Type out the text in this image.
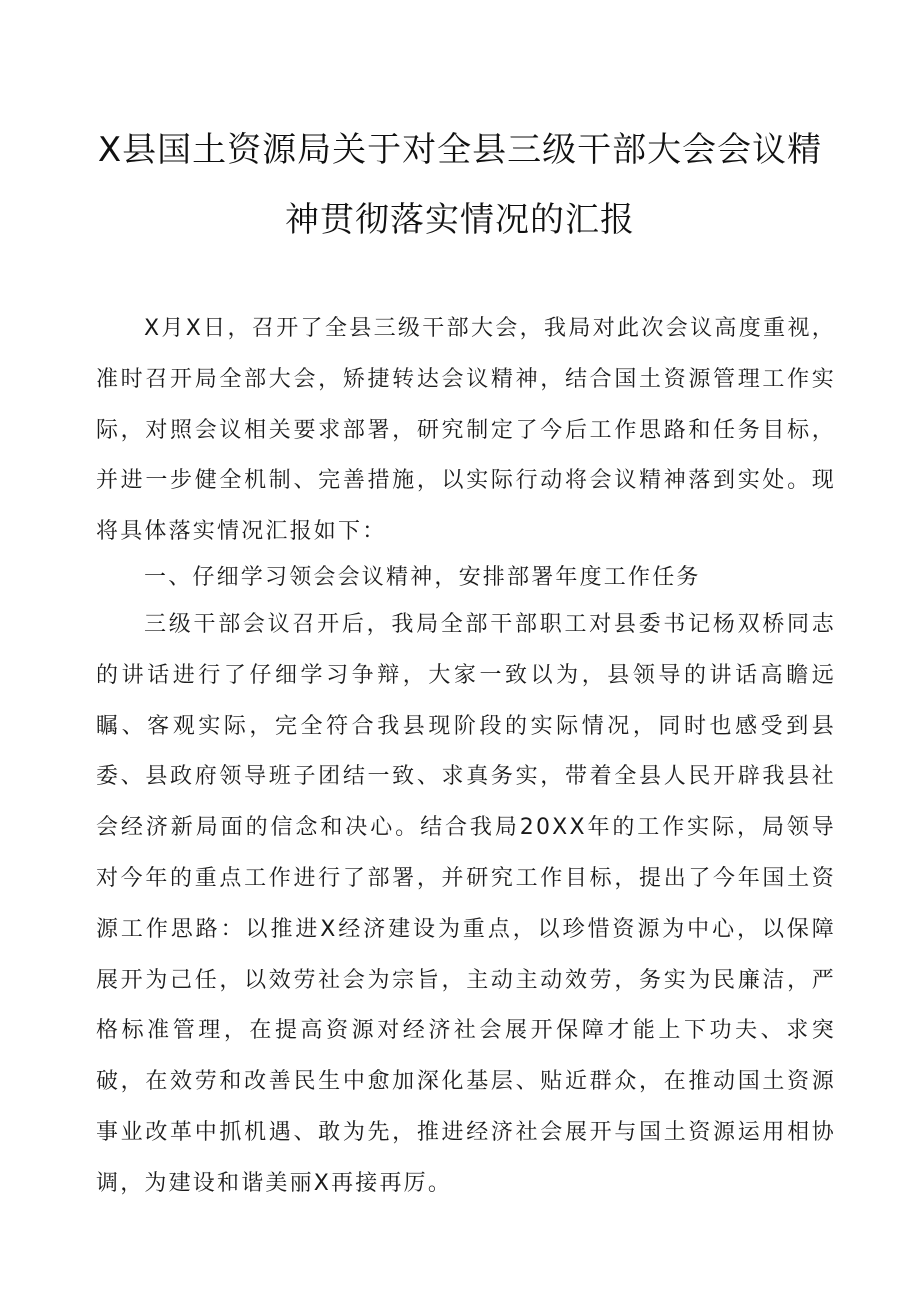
X县国土资源局关于对全县三级干部大会会议精
神贯彻落实情况的汇报

X月X日，召开了全县三级干部大会，我局对此次会议高度重视，准时召开局全部大会，矫捷转达会议精神，结合国土资源管理工作实际，对照会议相关要求部署，研究制定了今后工作思路和任务目标，并进一步健全机制、完善措施，以实际行动将会议精神落到实处。现将具体落实情况汇报如下：

一、仔细学习领会会议精神，安排部署年度工作任务

三级干部会议召开后，我局全部干部职工对县委书记杨双桥同志的讲话进行了仔细学习争辩，大家一致以为，县领导的讲话高瞻远瞩、客观实际，完全符合我县现阶段的实际情况，同时也感受到县委、县政府领导班子团结一致、求真务实，带着全县人民开辟我县社会经济新局面的信念和决心。结合我局20XX年的工作实际，局领导对今年的重点工作进行了部署，并研究工作目标，提出了今年国土资源工作思路：以推进X经济建设为重点，以珍惜资源为中心，以保障展开为己任，以效劳社会为宗旨，主动主动效劳，务实为民廉洁，严格标准管理，在提高资源对经济社会展开保障才能上下功夫、求突破，在效劳和改善民生中愈加深化基层、贴近群众，在推动国土资源事业改革中抓机遇、敢为先，推进经济社会展开与国土资源运用相协调，为建设和谐美丽X再接再厉。
